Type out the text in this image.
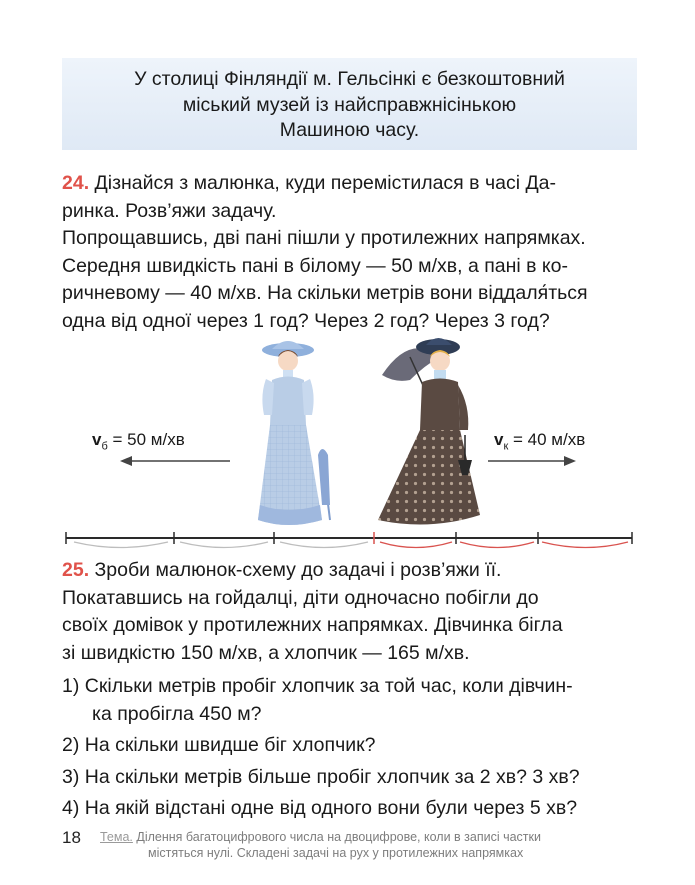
У столиці Фінляндії м. Гельсінкі є безкоштовний
міський музей із найсправжнісінькою
Машиною часу.

24. Дізнайся з малюнка, куди перемістилася в часі Да-

ринка. Розв’яжи задачу.

Попрощавшись, дві пані пішли у протилежних напрямках.

Середня швидкість пані в білому — 50 м/хв, а пані в ко-

ричневому — 40 м/хв. На скільки метрів вони віддаля́ться

одна від одної через 1 год? Через 2 год? Через 3 год?

$v_б = 50$ м/хв	$v_к = 40$ м/хв

25. Зроби малюнок-схему до задачі і розв’яжи її.

Покатавшись на гойдалці, діти одночасно побігли до

своїх домівок у протилежних напрямках. Дівчинка бігла

зі швидкістю 150 м/хв, а хлопчик — 165 м/хв.

1) Скільки метрів пробіг хлопчик за той час, коли дівчин-
ка пробігла 450 м?

2) На скільки швидше біг хлопчик?

3) На скільки метрів більше пробіг хлопчик за 2 хв? 3 хв?

4) На якій відстані одне від одного вони були через 5 хв?

18 Тема. Ділення багатоцифрового числа на двоцифрове, коли в записі частки
містяться нулі. Складені задачі на рух у протилежних напрямках
